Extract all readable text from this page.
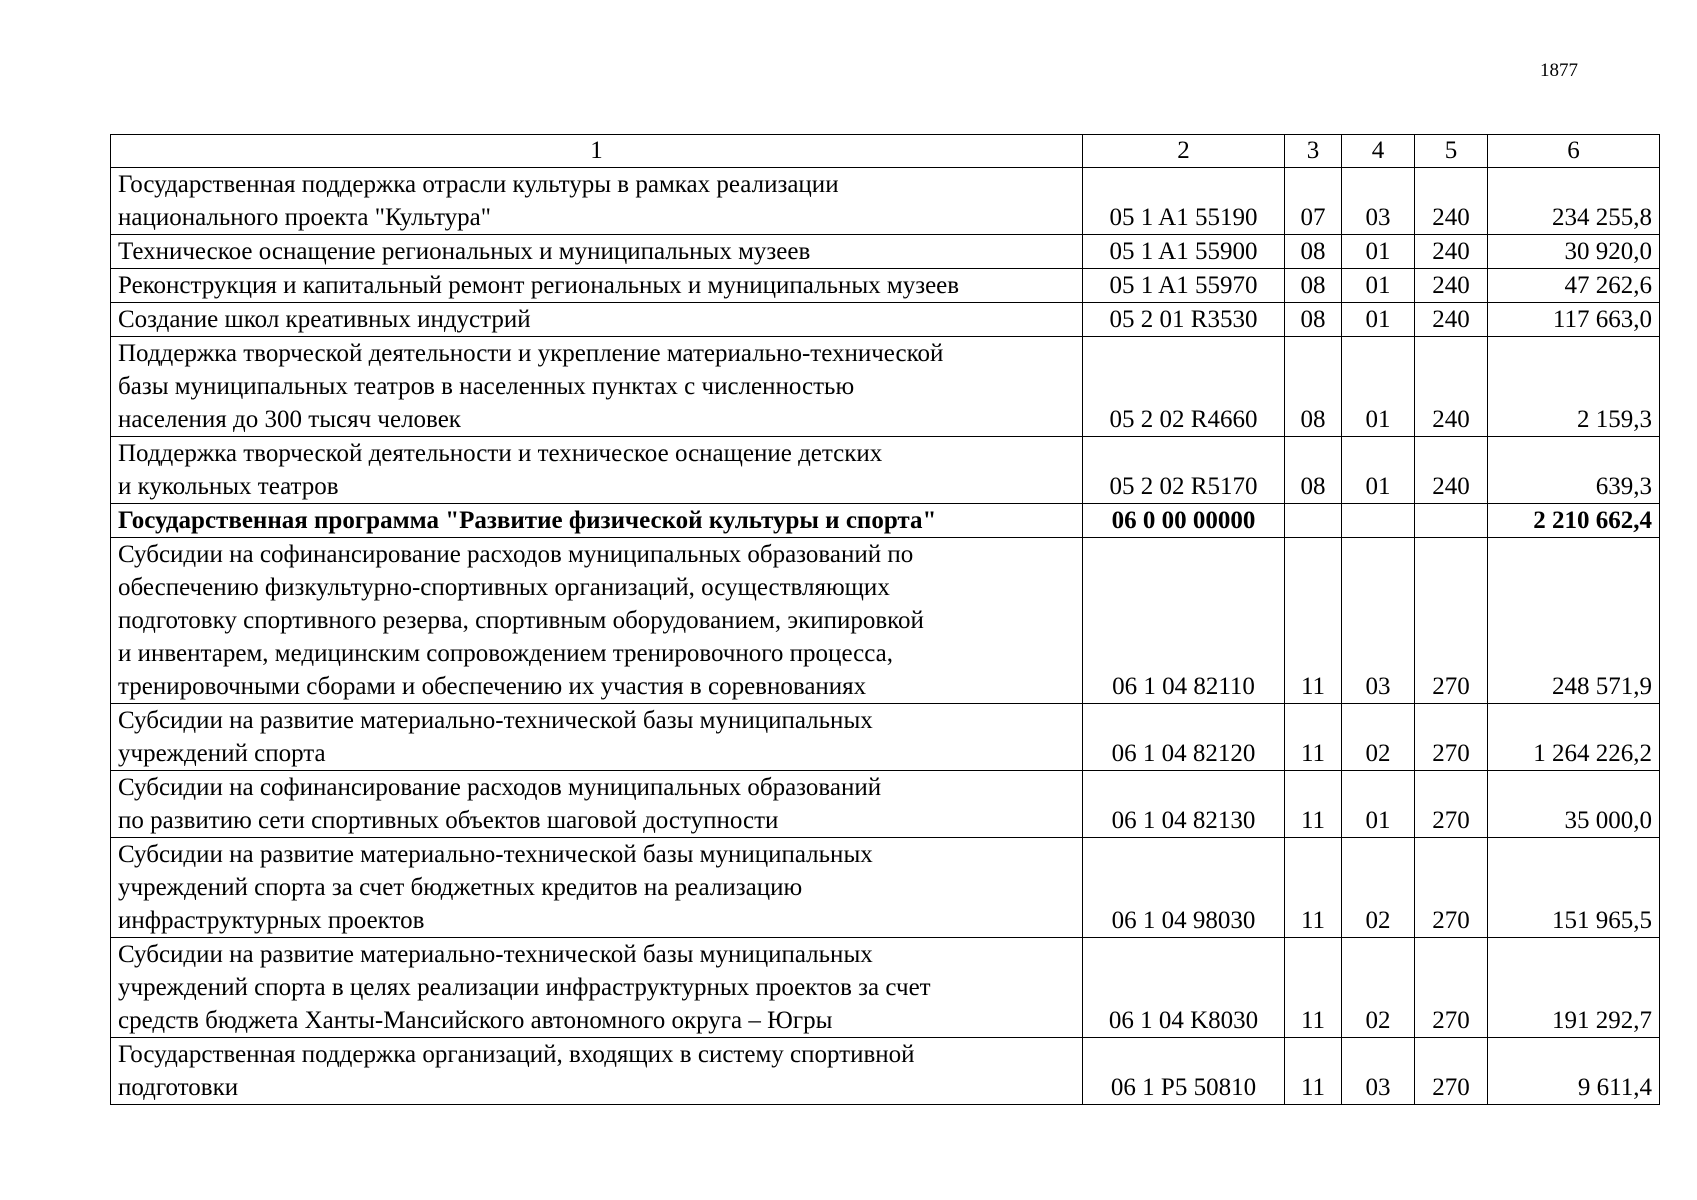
1877
1	2	3	4	5	6
Государственная поддержка отрасли культуры в рамках реализации
национального проекта "Культура"	05 1 A1 55190	07	03	240	234 255,8
Техническое оснащение региональных и муниципальных музеев	05 1 A1 55900	08	01	240	30 920,0
Реконструкция и капитальный ремонт региональных и муниципальных музеев	05 1 A1 55970	08	01	240	47 262,6
Создание школ креативных индустрий	05 2 01 R3530	08	01	240	117 663,0
Поддержка творческой деятельности и укрепление материально-технической
базы муниципальных театров в населенных пунктах с численностью
населения до 300 тысяч человек	05 2 02 R4660	08	01	240	2 159,3
Поддержка творческой деятельности и техническое оснащение детских
и кукольных театров	05 2 02 R5170	08	01	240	639,3
Государственная программа "Развитие физической культуры и спорта"	06 0 00 00000				2 210 662,4
Субсидии на софинансирование расходов муниципальных образований по
обеспечению физкультурно-спортивных организаций, осуществляющих
подготовку спортивного резерва, спортивным оборудованием, экипировкой
и инвентарем, медицинским сопровождением тренировочного процесса,
тренировочными сборами и обеспечению их участия в соревнованиях	06 1 04 82110	11	03	270	248 571,9
Субсидии на развитие материально-технической базы муниципальных
учреждений спорта	06 1 04 82120	11	02	270	1 264 226,2
Субсидии на софинансирование расходов муниципальных образований
по развитию сети спортивных объектов шаговой доступности	06 1 04 82130	11	01	270	35 000,0
Субсидии на развитие материально-технической базы муниципальных
учреждений спорта за счет бюджетных кредитов на реализацию
инфраструктурных проектов	06 1 04 98030	11	02	270	151 965,5
Субсидии на развитие материально-технической базы муниципальных
учреждений спорта в целях реализации инфраструктурных проектов за счет
средств бюджета Ханты-Мансийского автономного округа – Югры	06 1 04 K8030	11	02	270	191 292,7
Государственная поддержка организаций, входящих в систему спортивной
подготовки	06 1 P5 50810	11	03	270	9 611,4
